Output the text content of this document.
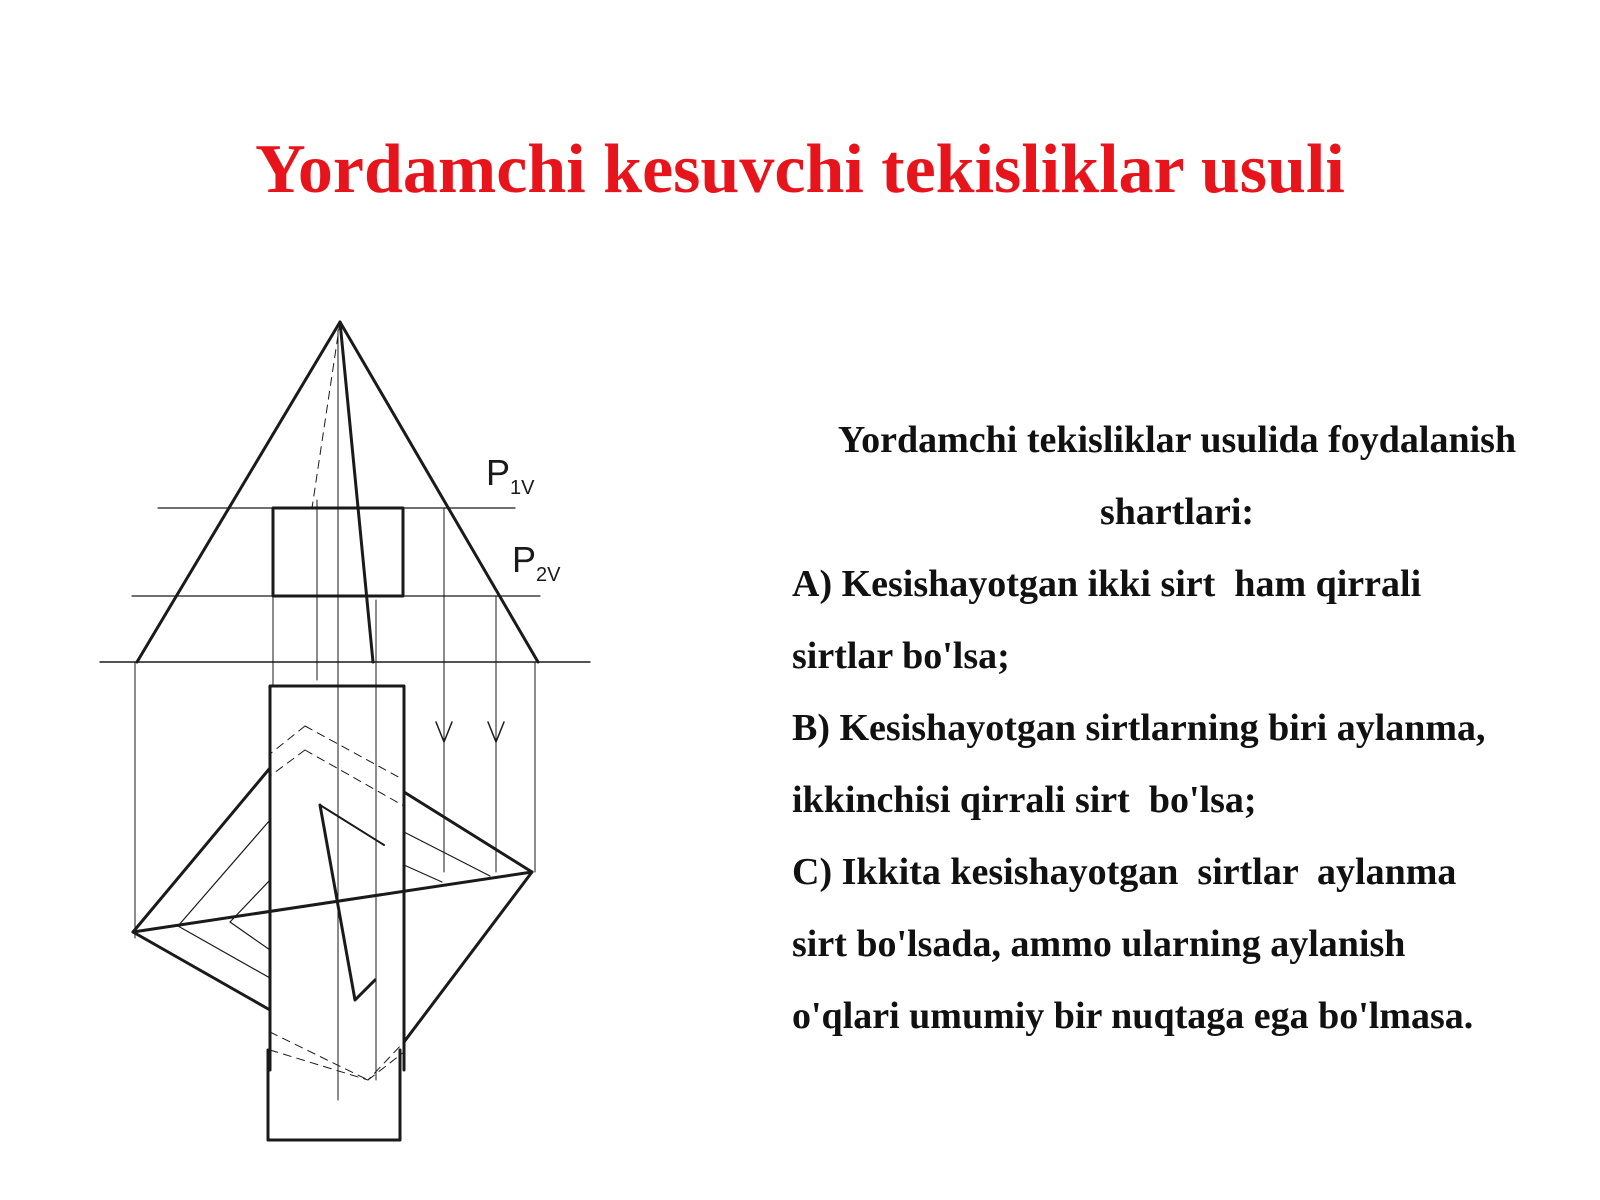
Yordamchi kesuvchi tekisliklar usuli
P 1V
P 2V
Yordamchi tekisliklar usulida foydalanish
shartlari:
A) Kesishayotgan ikki sirt  ham qirrali
sirtlar bo'lsa;
B) Kesishayotgan sirtlarning biri aylanma,
ikkinchisi qirrali sirt  bo'lsa;
C) Ikkita kesishayotgan  sirtlar  aylanma
sirt bo'lsada, ammo ularning aylanish
o'qlari umumiy bir nuqtaga ega bo'lmasa.
